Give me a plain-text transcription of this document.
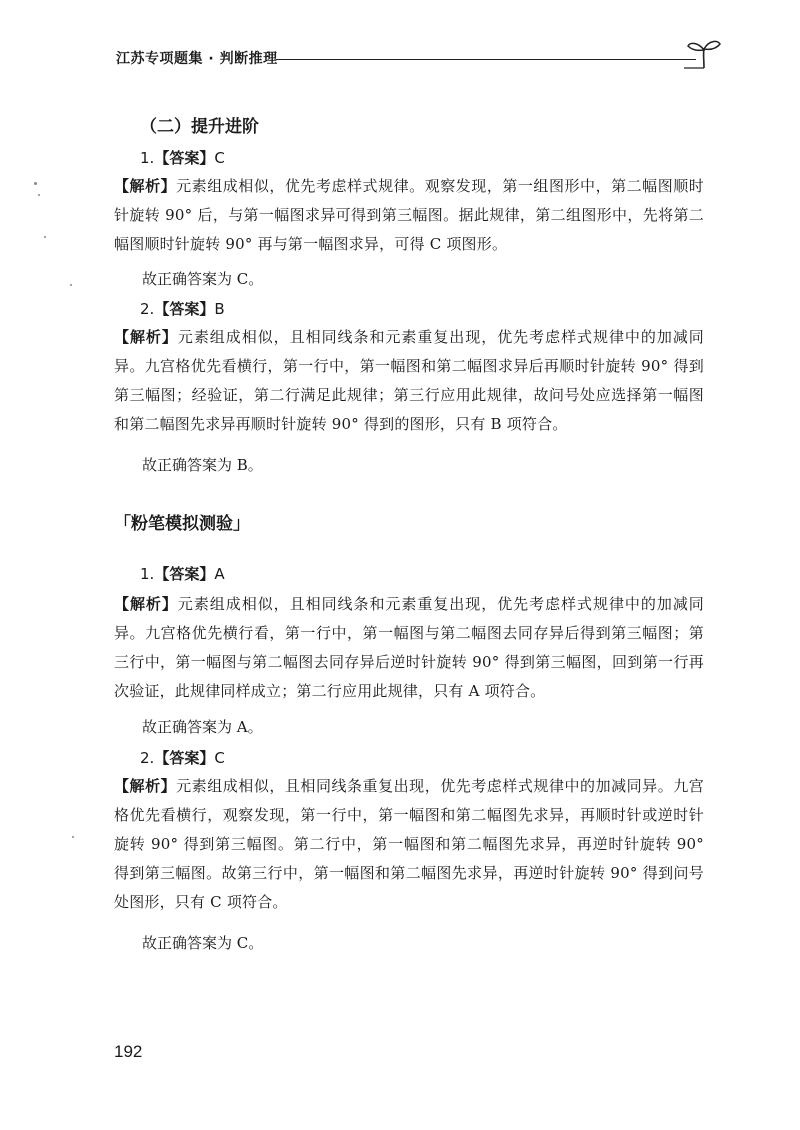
江苏专项题集 · 判断推理
（二）提升进阶
1.【答案】C
【解析】元素组成相似，优先考虑样式规律。观察发现，第一组图形中，第二幅图顺时针旋转 90° 后，与第一幅图求异可得到第三幅图。据此规律，第二组图形中，先将第二幅图顺时针旋转 90° 再与第一幅图求异，可得 C 项图形。
故正确答案为 C。
2.【答案】B
【解析】元素组成相似，且相同线条和元素重复出现，优先考虑样式规律中的加减同异。九宫格优先看横行，第一行中，第一幅图和第二幅图求异后再顺时针旋转 90° 得到第三幅图；经验证，第二行满足此规律；第三行应用此规律，故问号处应选择第一幅图和第二幅图先求异再顺时针旋转 90° 得到的图形，只有 B 项符合。
故正确答案为 B。
「粉笔模拟测验」
1.【答案】A
【解析】元素组成相似，且相同线条和元素重复出现，优先考虑样式规律中的加减同异。九宫格优先横行看，第一行中，第一幅图与第二幅图去同存异后得到第三幅图；第三行中，第一幅图与第二幅图去同存异后逆时针旋转 90° 得到第三幅图，回到第一行再次验证，此规律同样成立；第二行应用此规律，只有 A 项符合。
故正确答案为 A。
2.【答案】C
【解析】元素组成相似，且相同线条重复出现，优先考虑样式规律中的加减同异。九宫格优先看横行，观察发现，第一行中，第一幅图和第二幅图先求异，再顺时针或逆时针旋转 90° 得到第三幅图。第二行中，第一幅图和第二幅图先求异，再逆时针旋转 90° 得到第三幅图。故第三行中，第一幅图和第二幅图先求异，再逆时针旋转 90° 得到问号处图形，只有 C 项符合。
故正确答案为 C。
192
